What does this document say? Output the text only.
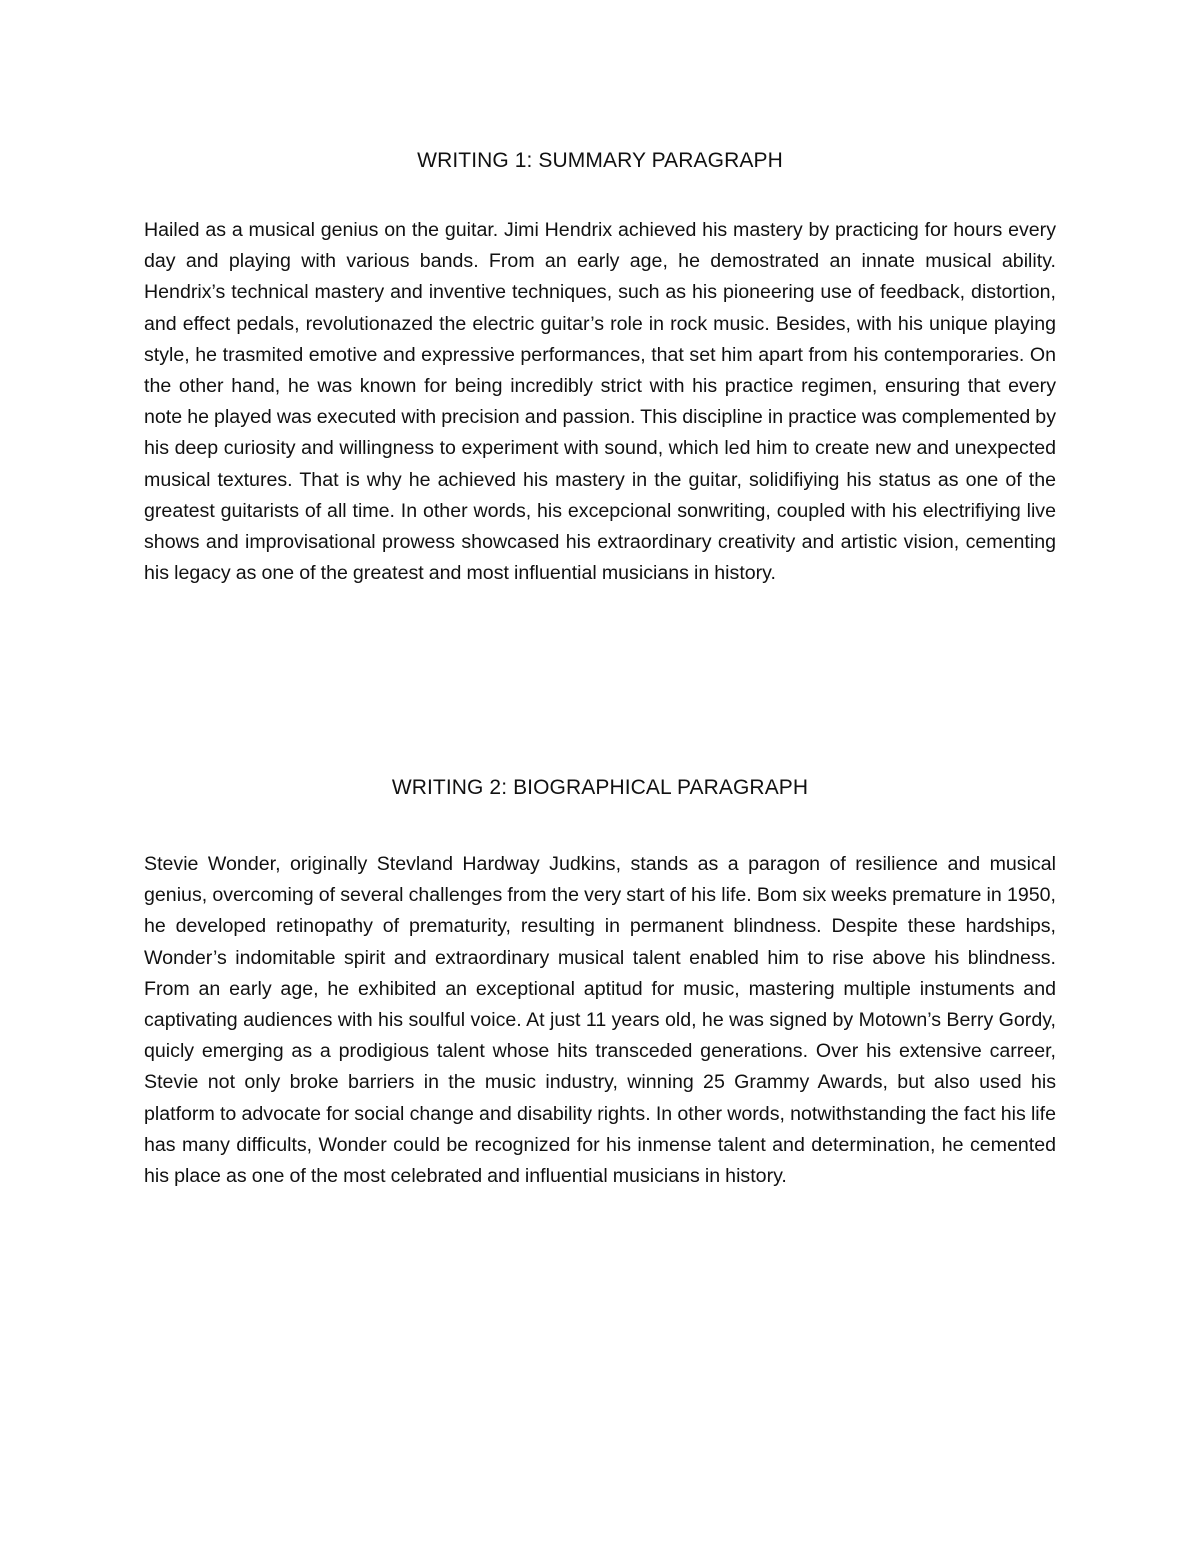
WRITING 1: SUMMARY PARAGRAPH

Hailed as a musical genius on the guitar. Jimi Hendrix achieved his mastery by practicing for hours every day and playing with various bands. From an early age, he demostrated an innate musical ability. Hendrix’s technical mastery and inventive techniques, such as his pioneering use of feedback, distortion, and effect pedals, revolutionazed the electric guitar’s role in rock music. Besides, with his unique playing style, he trasmited emotive and expressive performances, that set him apart from his contemporaries. On the other hand, he was known for being incredibly strict with his practice regimen, ensuring that every note he played was executed with precision and passion. This discipline in practice was complemented by his deep curiosity and willingness to experiment with sound, which led him to create new and unexpected musical textures. That is why he achieved his mastery in the guitar, solidifiying his status as one of the greatest guitarists of all time. In other words, his excepcional sonwriting, coupled with his electrifiying live shows and improvisational prowess showcased his extraordinary creativity and artistic vision, cementing his legacy as one of the greatest and most influential musicians in history.

WRITING 2: BIOGRAPHICAL PARAGRAPH

Stevie Wonder, originally Stevland Hardway Judkins, stands as a paragon of resilience and musical genius, overcoming of several challenges from the very start of his life. Bom six weeks premature in 1950, he developed retinopathy of prematurity, resulting in permanent blindness. Despite these hardships, Wonder’s indomitable spirit and extraordinary musical talent enabled him to rise above his blindness. From an early age, he exhibited an exceptional aptitud for music, mastering multiple instuments and captivating audiences with his soulful voice. At just 11 years old, he was signed by Motown’s Berry Gordy, quicly emerging as a prodigious talent whose hits transceded generations. Over his extensive carreer, Stevie not only broke barriers in the music industry, winning 25 Grammy Awards, but also used his platform to advocate for social change and disability rights. In other words, notwithstanding the fact his life has many difficults, Wonder could be recognized for his inmense talent and determination, he cemented his place as one of the most celebrated and influential musicians in history.
